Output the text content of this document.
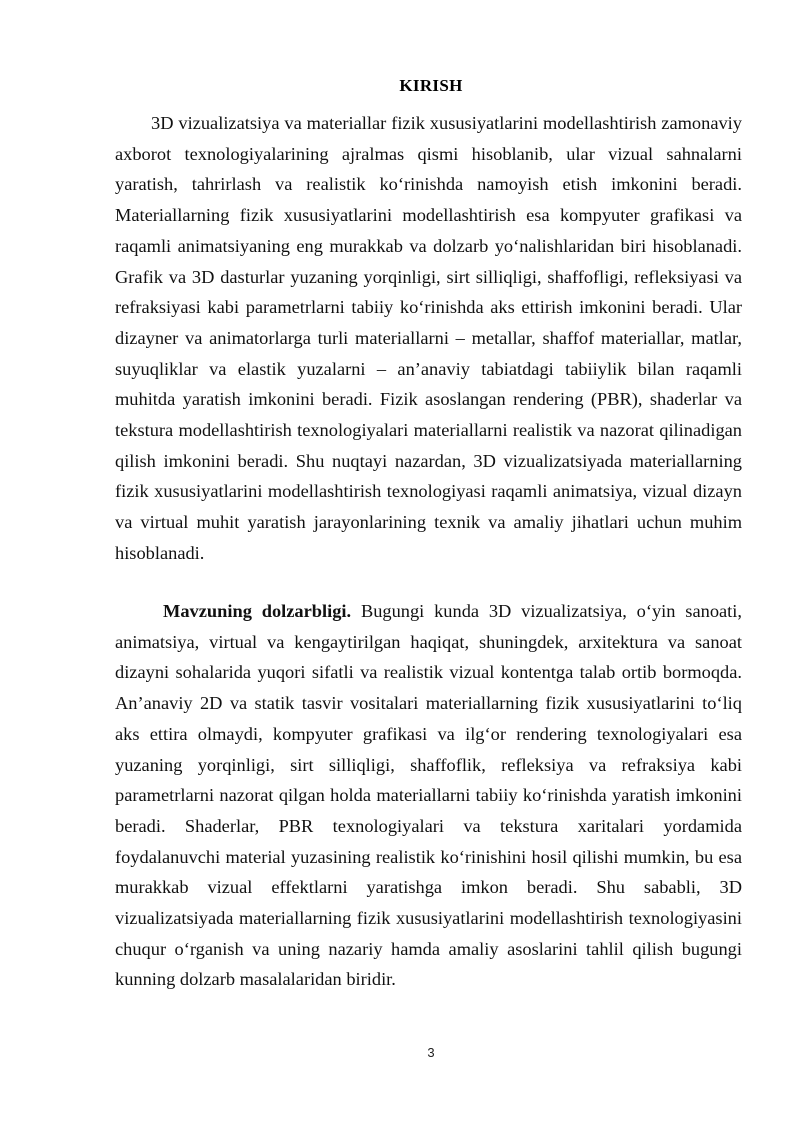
KIRISH

3D vizualizatsiya va materiallar fizik xususiyatlarini modellashtirish zamonaviy axborot texnologiyalarining ajralmas qismi hisoblanib, ular vizual sahnalarni yaratish, tahrirlash va realistik ko‘rinishda namoyish etish imkonini beradi. Materiallarning fizik xususiyatlarini modellashtirish esa kompyuter grafikasi va raqamli animatsiyaning eng murakkab va dolzarb yo‘nalishlaridan biri hisoblanadi. Grafik va 3D dasturlar yuzaning yorqinligi, sirt silliqligi, shaffofligi, refleksiyasi va refraksiyasi kabi parametrlarni tabiiy ko‘rinishda aks ettirish imkonini beradi. Ular dizayner va animatorlarga turli materiallarni – metallar, shaffof materiallar, matlar, suyuqliklar va elastik yuzalarni – an’anaviy tabiatdagi tabiiylik bilan raqamli muhitda yaratish imkonini beradi. Fizik asoslangan rendering (PBR), shaderlar va tekstura modellashtirish texnologiyalari materiallarni realistik va nazorat qilinadigan qilish imkonini beradi. Shu nuqtayi nazardan, 3D vizualizatsiyada materiallarning fizik xususiyatlarini modellashtirish texnologiyasi raqamli animatsiya, vizual dizayn va virtual muhit yaratish jarayonlarining texnik va amaliy jihatlari uchun muhim hisoblanadi.

Mavzuning dolzarbligi. Bugungi kunda 3D vizualizatsiya, o‘yin sanoati, animatsiya, virtual va kengaytirilgan haqiqat, shuningdek, arxitektura va sanoat dizayni sohalarida yuqori sifatli va realistik vizual kontentga talab ortib bormoqda. An’anaviy 2D va statik tasvir vositalari materiallarning fizik xususiyatlarini to‘liq aks ettira olmaydi, kompyuter grafikasi va ilg‘or rendering texnologiyalari esa yuzaning yorqinligi, sirt silliqligi, shaffoflik, refleksiya va refraksiya kabi parametrlarni nazorat qilgan holda materiallarni tabiiy ko‘rinishda yaratish imkonini beradi. Shaderlar, PBR texnologiyalari va tekstura xaritalari yordamida foydalanuvchi material yuzasining realistik ko‘rinishini hosil qilishi mumkin, bu esa murakkab vizual effektlarni yaratishga imkon beradi. Shu sababli, 3D vizualizatsiyada materiallarning fizik xususiyatlarini modellashtirish texnologiyasini chuqur o‘rganish va uning nazariy hamda amaliy asoslarini tahlil qilish bugungi kunning dolzarb masalalaridan biridir.

3
